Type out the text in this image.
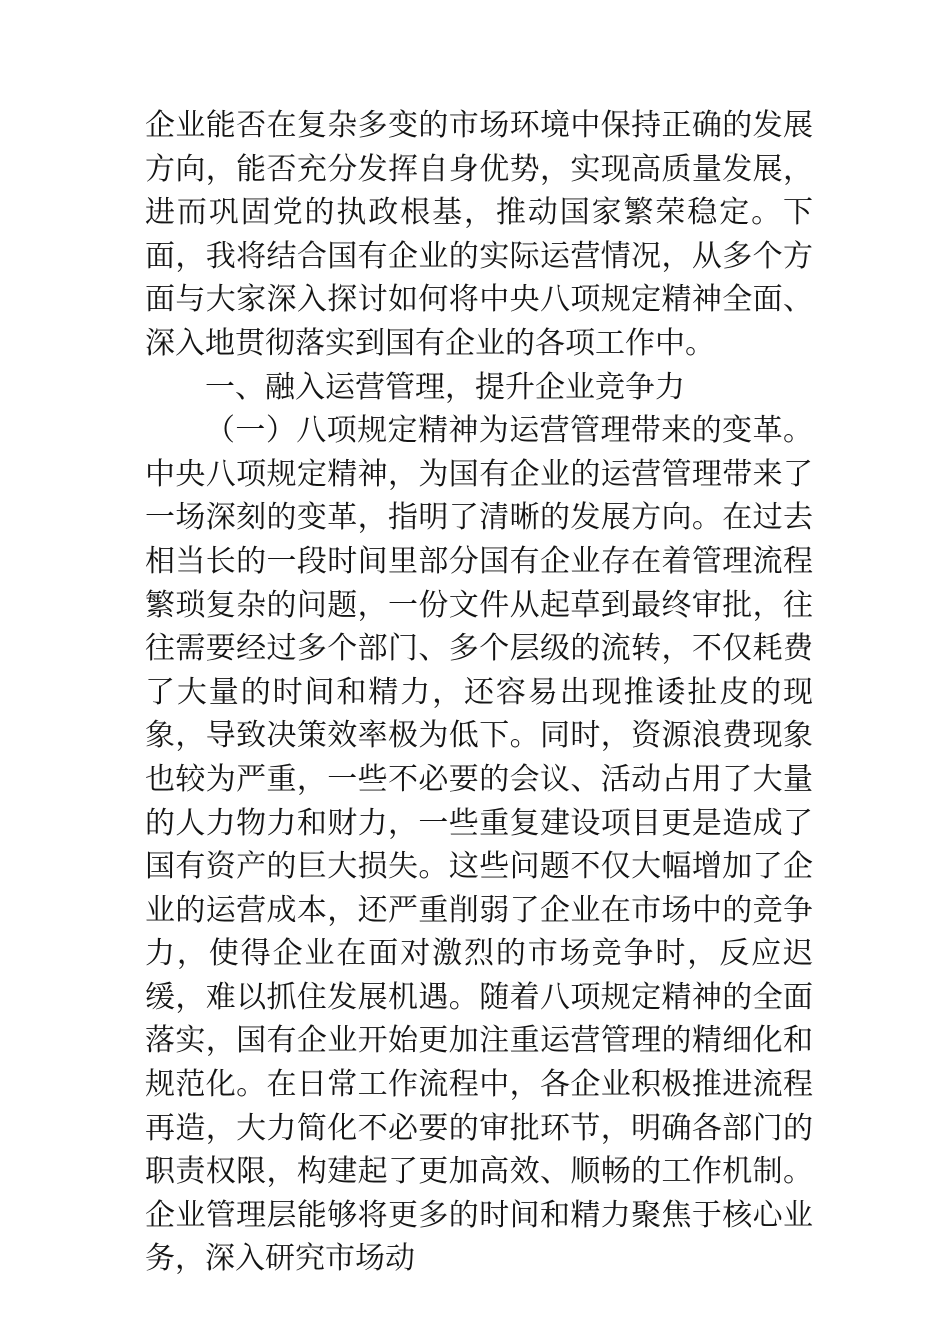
企业能否在复杂多变的市场环境中保持正确的发展方向，能否充分发挥自身优势，实现高质量发展，进而巩固党的执政根基，推动国家繁荣稳定。下面，我将结合国有企业的实际运营情况，从多个方面与大家深入探讨如何将中央八项规定精神全面、深入地贯彻落实到国有企业的各项工作中。

一、融入运营管理，提升企业竞争力

（一）八项规定精神为运营管理带来的变革。中央八项规定精神，为国有企业的运营管理带来了一场深刻的变革，指明了清晰的发展方向。在过去相当长的一段时间里部分国有企业存在着管理流程繁琐复杂的问题，一份文件从起草到最终审批，往往需要经过多个部门、多个层级的流转，不仅耗费了大量的时间和精力，还容易出现推诿扯皮的现象，导致决策效率极为低下。同时，资源浪费现象也较为严重，一些不必要的会议、活动占用了大量的人力物力和财力，一些重复建设项目更是造成了国有资产的巨大损失。这些问题不仅大幅增加了企业的运营成本，还严重削弱了企业在市场中的竞争力，使得企业在面对激烈的市场竞争时，反应迟缓，难以抓住发展机遇。随着八项规定精神的全面落实，国有企业开始更加注重运营管理的精细化和规范化。在日常工作流程中，各企业积极推进流程再造，大力简化不必要的审批环节，明确各部门的职责权限，构建起了更加高效、顺畅的工作机制。企业管理层能够将更多的时间和精力聚焦于核心业务，深入研究市场动
